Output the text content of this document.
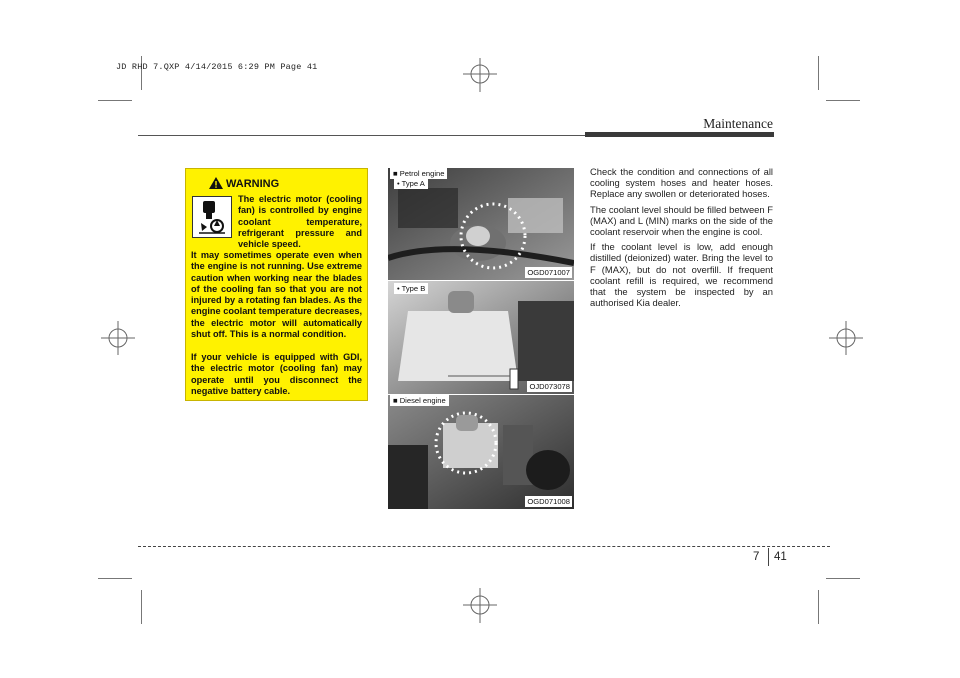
JD RHD 7.QXP 4/14/2015 6:29 PM Page 41
Maintenance
WARNING
The electric motor (cooling fan) is controlled by engine coolant temperature, refrigerant pressure and vehicle speed.
It may sometimes operate even when the engine is not running. Use extreme caution when working near the blades of the cooling fan so that you are not injured by a rotating fan blades. As the engine coolant temperature decreases, the electric motor will automatically shut off. This is a normal condition.
If your vehicle is equipped with GDI, the electric motor (cooling fan) may operate until you disconnect the negative battery cable.
■ Petrol engine
• Type A
OGD071007
• Type B
OJD073078
■ Diesel engine
OGD071008

Check the condition and connections of all cooling system hoses and heater hoses. Replace any swollen or deteriorated hoses.

The coolant level should be filled between F (MAX) and L (MIN) marks on the side of the coolant reservoir when the engine is cool.

If the coolant level is low, add enough distilled (deionized) water. Bring the level to F (MAX), but do not overfill. If frequent coolant refill is required, we recommend that the system be inspected by an authorised Kia dealer.

7 41
